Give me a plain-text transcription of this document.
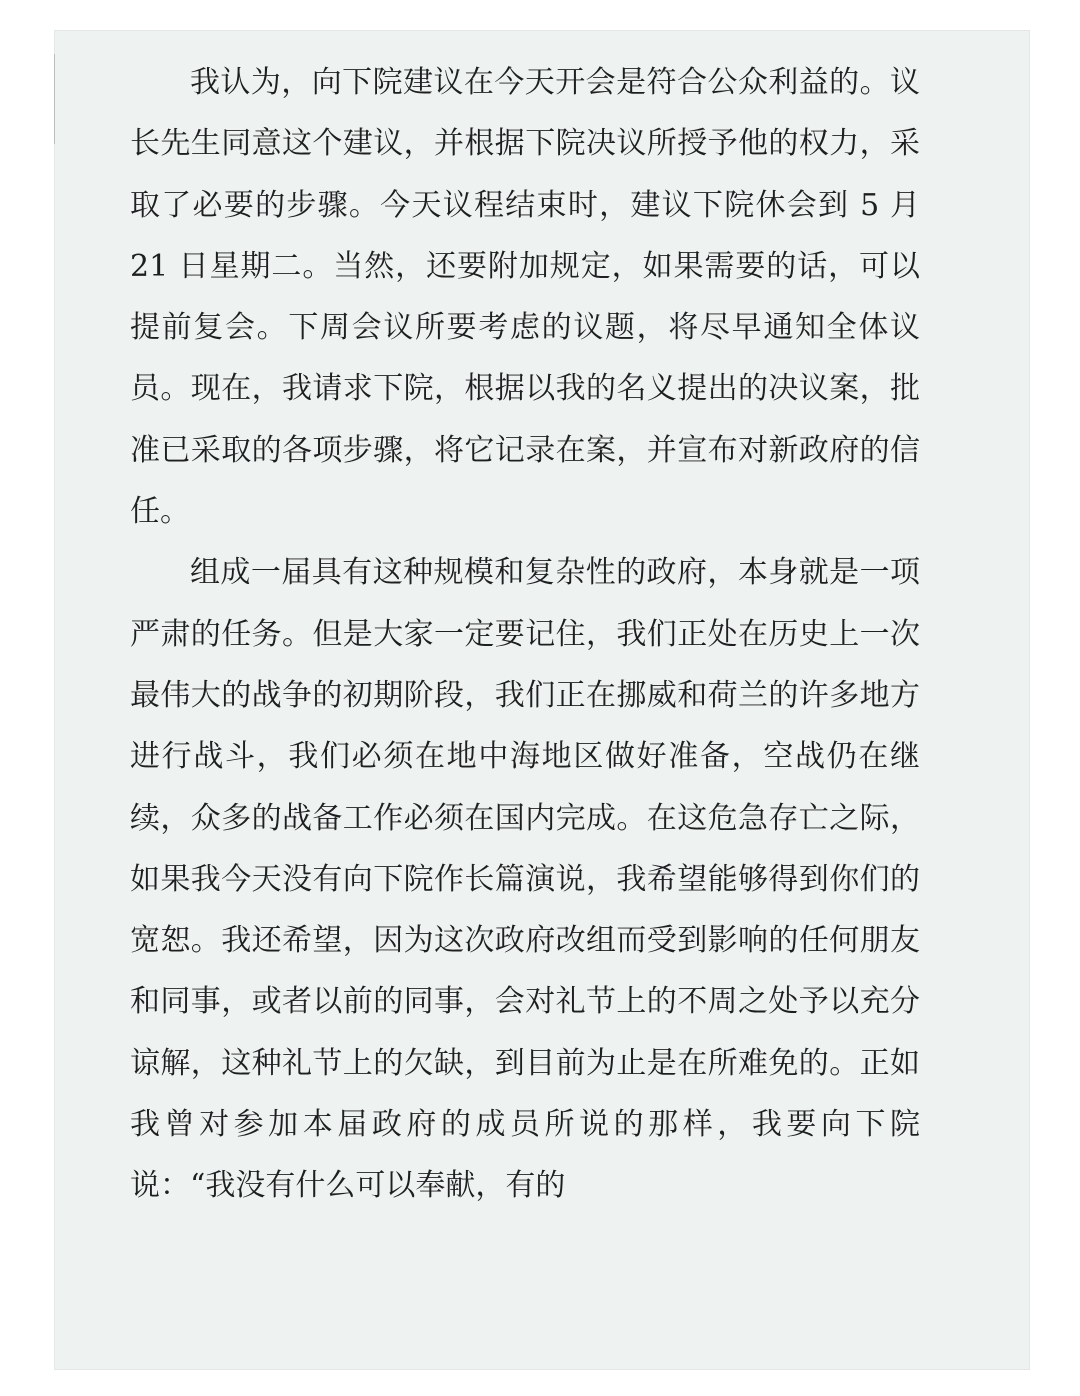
我认为，向下院建议在今天开会是符合公众利益的。议长先生同意这个建议，并根据下院决议所授予他的权力，采取了必要的步骤。今天议程结束时，建议下院休会到 5 月 21 日星期二。当然，还要附加规定，如果需要的话，可以提前复会。下周会议所要考虑的议题，将尽早通知全体议员。现在，我请求下院，根据以我的名义提出的决议案，批准已采取的各项步骤，将它记录在案，并宣布对新政府的信任。

组成一届具有这种规模和复杂性的政府，本身就是一项严肃的任务。但是大家一定要记住，我们正处在历史上一次最伟大的战争的初期阶段，我们正在挪威和荷兰的许多地方进行战斗，我们必须在地中海地区做好准备，空战仍在继续，众多的战备工作必须在国内完成。在这危急存亡之际，如果我今天没有向下院作长篇演说，我希望能够得到你们的宽恕。我还希望，因为这次政府改组而受到影响的任何朋友和同事，或者以前的同事，会对礼节上的不周之处予以充分谅解，这种礼节上的欠缺，到目前为止是在所难免的。正如我曾对参加本届政府的成员所说的那样，我要向下院说：“我没有什么可以奉献，有的
